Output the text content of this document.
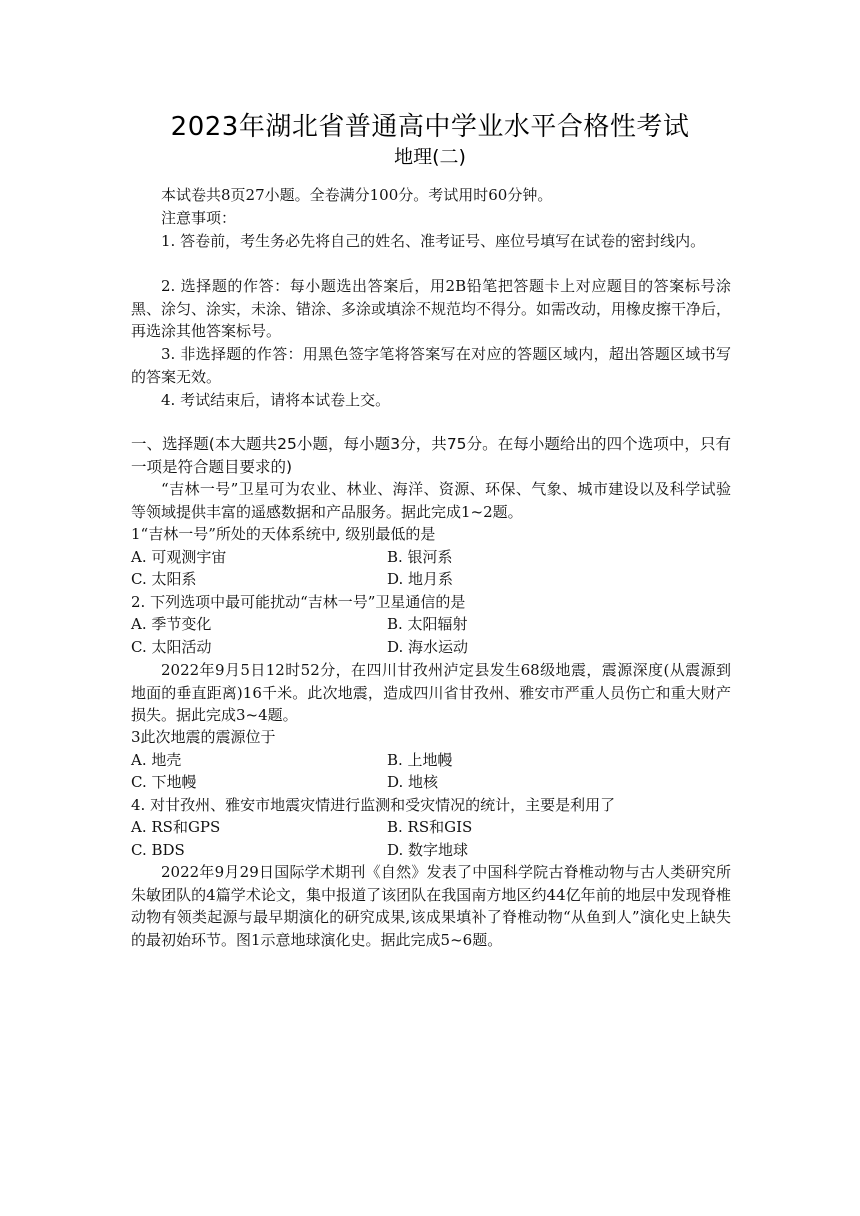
2023年湖北省普通高中学业水平合格性考试
地理(二)
本试卷共8页27小题。全卷满分100分。考试用时60分钟。
注意事项：
1. 答卷前，考生务必先将自己的姓名、准考证号、座位号填写在试卷的密封线内。
2. 选择题的作答：每小题选出答案后，用2B铅笔把答题卡上对应题目的答案标号涂黑、涂匀、涂实，未涂、错涂、多涂或填涂不规范均不得分。如需改动，用橡皮擦干净后，再选涂其他答案标号。
3. 非选择题的作答：用黑色签字笔将答案写在对应的答题区域内，超出答题区域书写的答案无效。
4. 考试结束后，请将本试卷上交。
一、选择题(本大题共25小题，每小题3分，共75分。在每小题给出的四个选项中，只有一项是符合题目要求的)
“吉林一号”卫星可为农业、林业、海洋、资源、环保、气象、城市建设以及科学试验等领域提供丰富的遥感数据和产品服务。据此完成1~2题。
1“吉林一号”所处的天体系统中, 级别最低的是
A. 可观测宇宙	B. 银河系
C. 太阳系	D. 地月系
2. 下列选项中最可能扰动“吉林一号”卫星通信的是
A. 季节变化	B. 太阳辐射
C. 太阳活动	D. 海水运动
2022年9月5日12时52分，在四川甘孜州泸定县发生68级地震，震源深度(从震源到地面的垂直距离)16千米。此次地震，造成四川省甘孜州、雅安市严重人员伤亡和重大财产损失。据此完成3~4题。
3此次地震的震源位于
A. 地壳	B. 上地幔
C. 下地幔	D. 地核
4. 对甘孜州、雅安市地震灾情进行监测和受灾情况的统计，主要是利用了
A. RS和GPS	B. RS和GIS
C. BDS	D. 数字地球
2022年9月29日国际学术期刊《自然》发表了中国科学院古脊椎动物与古人类研究所朱敏团队的4篇学术论文，集中报道了该团队在我国南方地区约44亿年前的地层中发现脊椎动物有领类起源与最早期演化的研究成果,该成果填补了脊椎动物“从鱼到人”演化史上缺失的最初始环节。图1示意地球演化史。据此完成5~6题。
